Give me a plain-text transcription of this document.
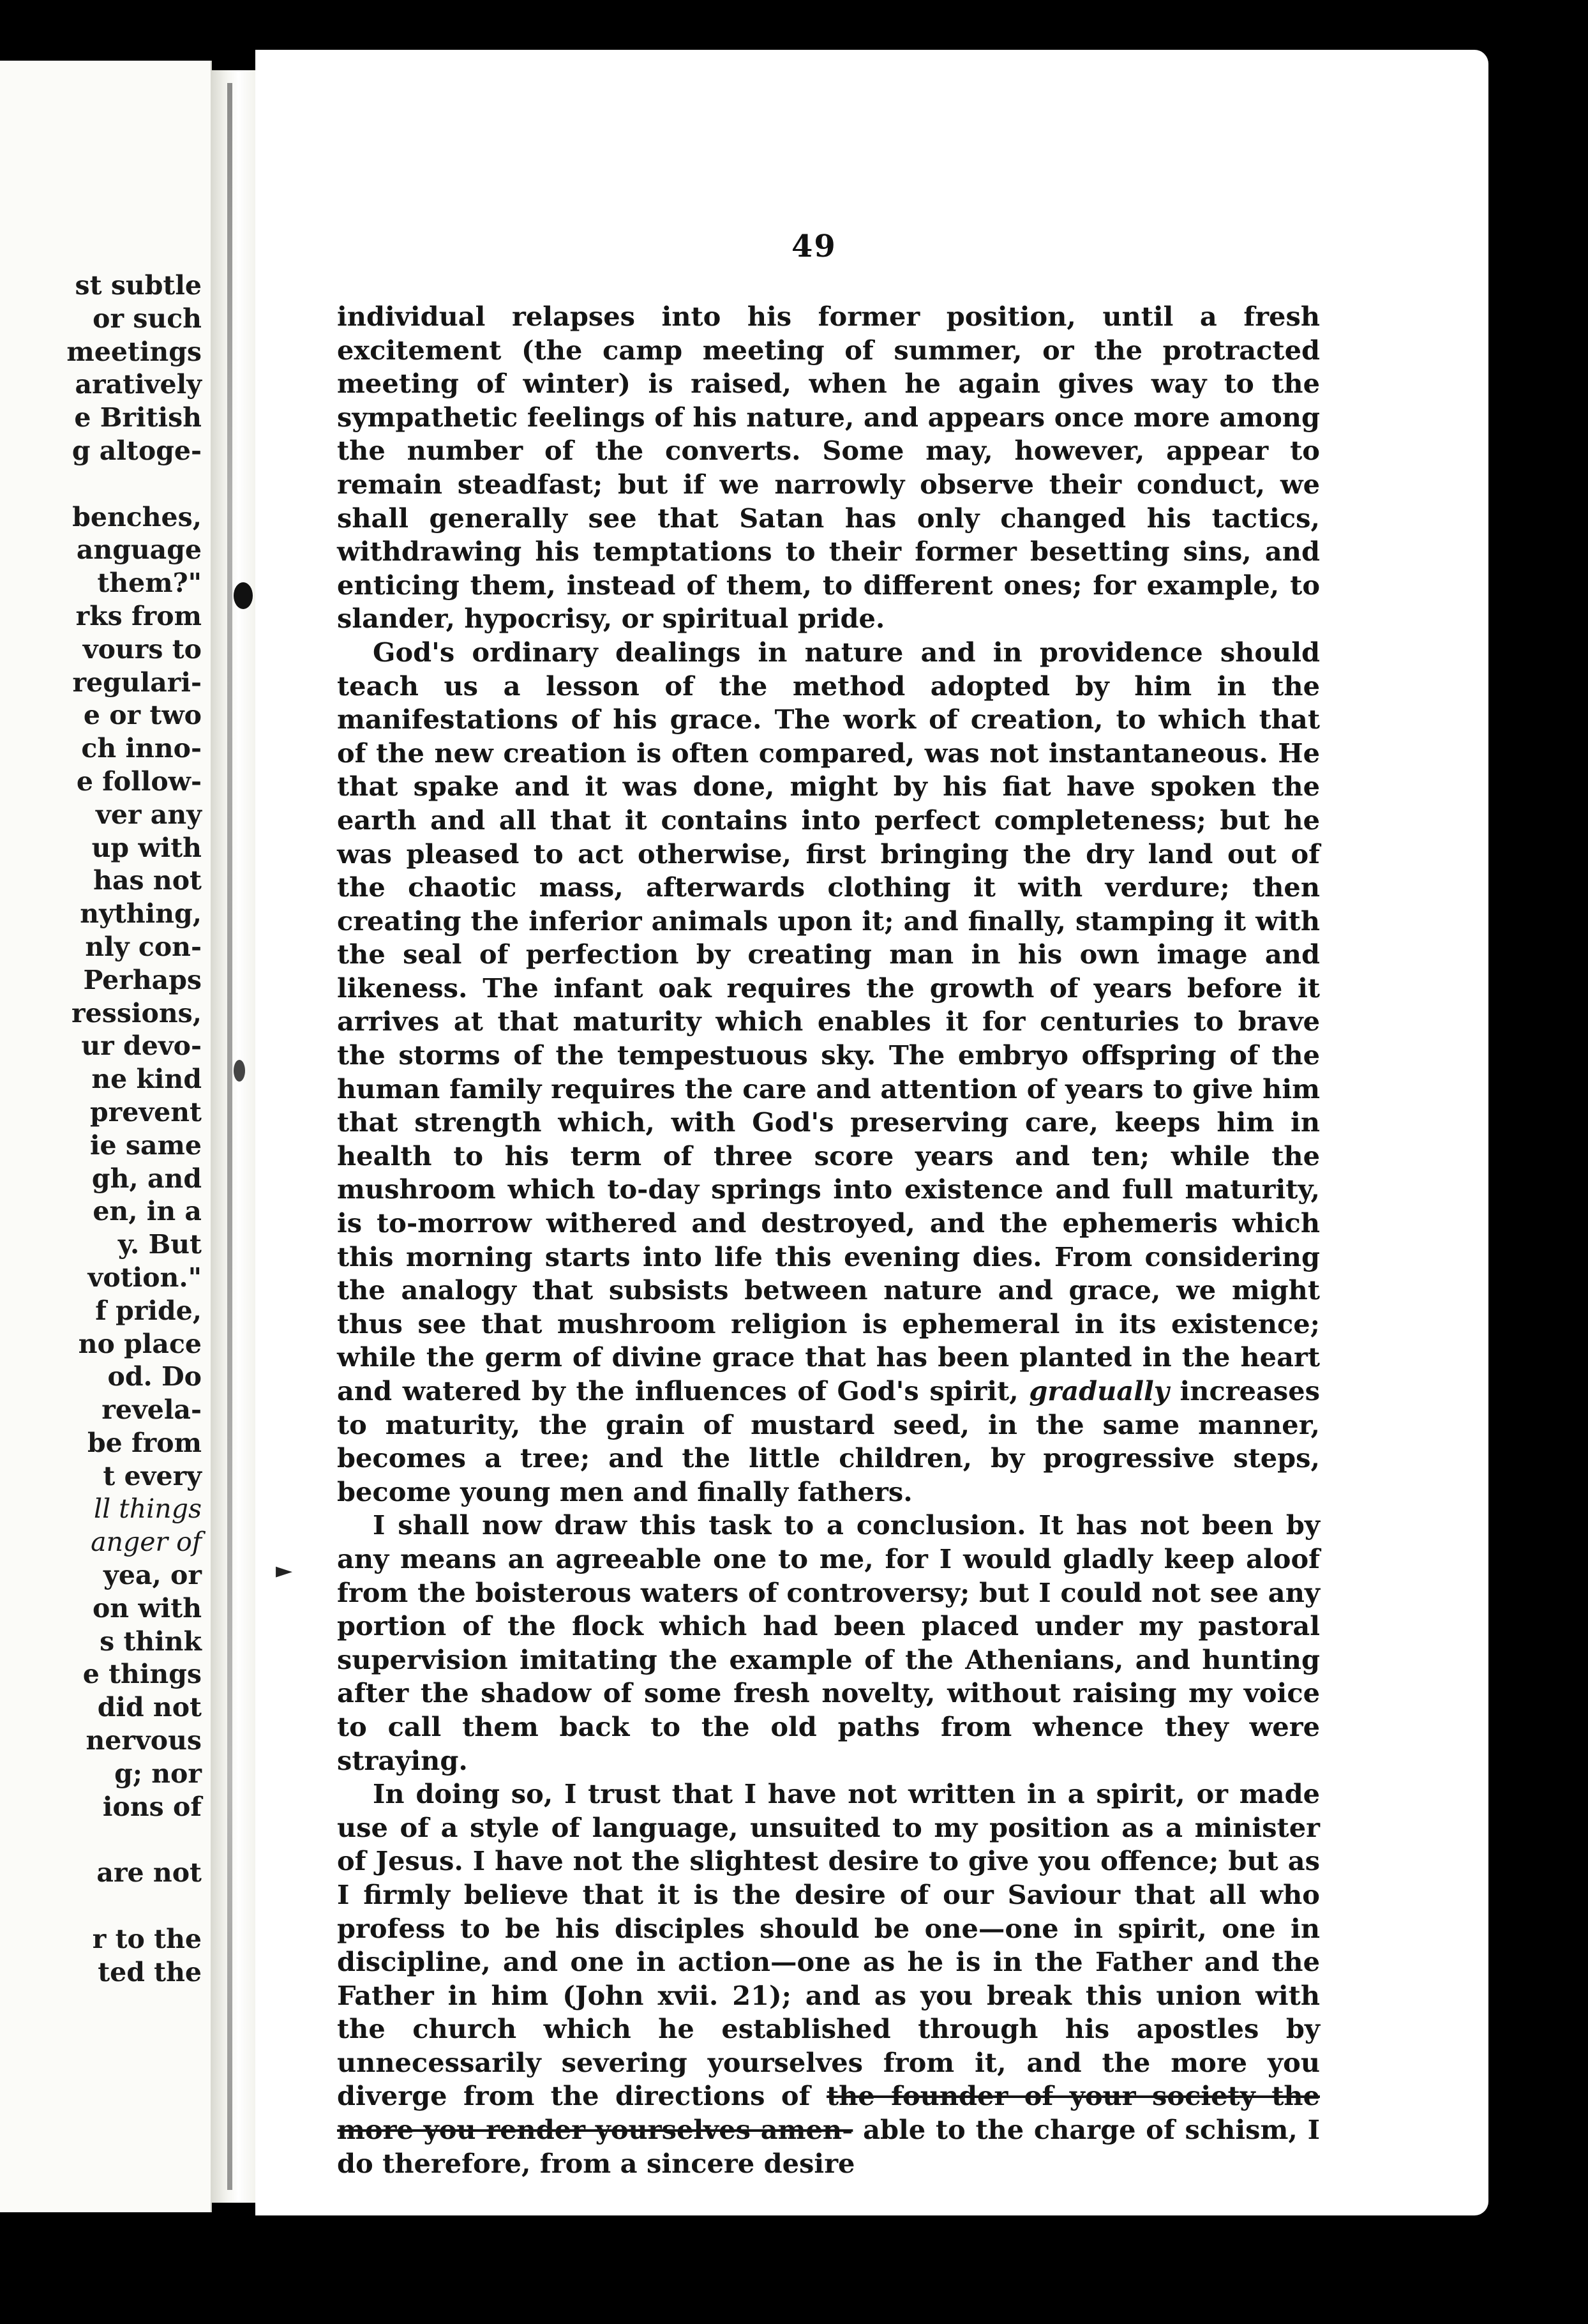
st subtle
or such
meetings
aratively
e British
g altoge-
benches,
anguage
them?"
rks from
vours to
regulari-
e or two
ch inno-
e follow-
ver any
up with
has not
nything,
nly con-
Perhaps
ressions,
ur devo-
ne kind
prevent
ie same
gh, and
en, in a
y. But
votion."
f pride,
no place
od. Do
revela-
be from
t every
ll things
anger of
yea, or
on with
s think
e things
did not
nervous
g; nor
ions of
are not
r to the
ted the
49
►

individual relapses into his former position, until a fresh excitement (the camp meeting of summer, or the protracted meeting of winter) is raised, when he again gives way to the sympathetic feelings of his nature, and appears once more among the number of the converts. Some may, however, appear to remain steadfast; but if we narrowly observe their conduct, we shall generally see that Satan has only changed his tactics, withdrawing his temptations to their former besetting sins, and enticing them, instead of them, to different ones; for example, to slander, hypocrisy, or spiritual pride.

God's ordinary dealings in nature and in providence should teach us a lesson of the method adopted by him in the manifestations of his grace. The work of creation, to which that of the new creation is often compared, was not instantaneous. He that spake and it was done, might by his fiat have spoken the earth and all that it contains into perfect completeness; but he was pleased to act otherwise, first bringing the dry land out of the chaotic mass, afterwards clothing it with verdure; then creating the inferior animals upon it; and finally, stamping it with the seal of perfection by creating man in his own image and likeness. The infant oak requires the growth of years before it arrives at that maturity which enables it for centuries to brave the storms of the tempestuous sky. The embryo offspring of the human family requires the care and attention of years to give him that strength which, with God's preserving care, keeps him in health to his term of three score years and ten; while the mushroom which to-day springs into existence and full maturity, is to-morrow withered and destroyed, and the ephemeris which this morning starts into life this evening dies. From considering the analogy that subsists between nature and grace, we might thus see that mushroom religion is ephemeral in its existence; while the germ of divine grace that has been planted in the heart and watered by the influences of God's spirit, gradually increases to maturity, the grain of mustard seed, in the same manner, becomes a tree; and the little children, by progressive steps, become young men and finally fathers.

I shall now draw this task to a conclusion. It has not been by any means an agreeable one to me, for I would gladly keep aloof from the boisterous waters of controversy; but I could not see any portion of the flock which had been placed under my pastoral supervision imitating the example of the Athenians, and hunting after the shadow of some fresh novelty, without raising my voice to call them back to the old paths from whence they were straying.

In doing so, I trust that I have not written in a spirit, or made use of a style of language, unsuited to my position as a minister of Jesus. I have not the slightest desire to give you offence; but as I firmly believe that it is the desire of our Saviour that all who profess to be his disciples should be one—one in spirit, one in discipline, and one in action—one as he is in the Father and the Father in him (John xvii. 21); and as you break this union with the church which he established through his apostles by unnecessarily severing yourselves from it, and the more you diverge from the directions of the founder of your society the more you render yourselves amen- able to the charge of schism, I do therefore, from a sincere desire
